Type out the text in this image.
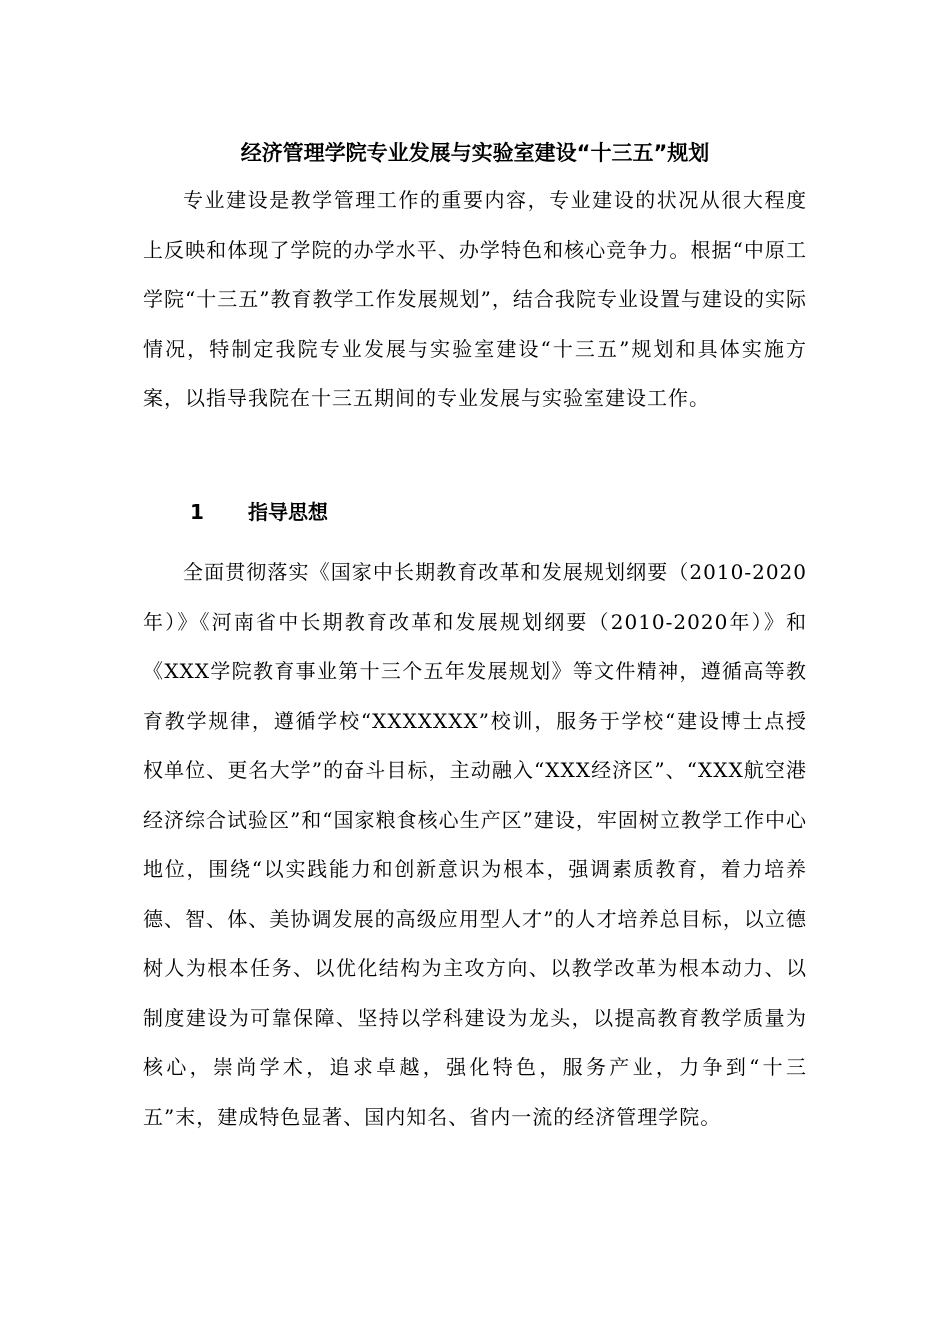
经济管理学院专业发展与实验室建设“十三五”规划

专业建设是教学管理工作的重要内容，专业建设的状况从很大程度上反映和体现了学院的办学水平、办学特色和核心竞争力。根据“中原工学院“十三五”教育教学工作发展规划”，结合我院专业设置与建设的实际情况，特制定我院专业发展与实验室建设“十三五”规划和具体实施方案，以指导我院在十三五期间的专业发展与实验室建设工作。

1 指导思想

全面贯彻落实《国家中长期教育改革和发展规划纲要（2010-2020年）》《河南省中长期教育改革和发展规划纲要（2010-2020年）》和《XXX学院教育事业第十三个五年发展规划》等文件精神，遵循高等教育教学规律，遵循学校“XXXXXXX”校训，服务于学校“建设博士点授权单位、更名大学”的奋斗目标，主动融入“XXX经济区”、“XXX航空港经济综合试验区”和“国家粮食核心生产区”建设，牢固树立教学工作中心地位，围绕“以实践能力和创新意识为根本，强调素质教育，着力培养德、智、体、美协调发展的高级应用型人才”的人才培养总目标，以立德树人为根本任务、以优化结构为主攻方向、以教学改革为根本动力、以制度建设为可靠保障、坚持以学科建设为龙头，以提高教育教学质量为核心，崇尚学术，追求卓越，强化特色，服务产业，力争到“十三五”末，建成特色显著、国内知名、省内一流的经济管理学院。
